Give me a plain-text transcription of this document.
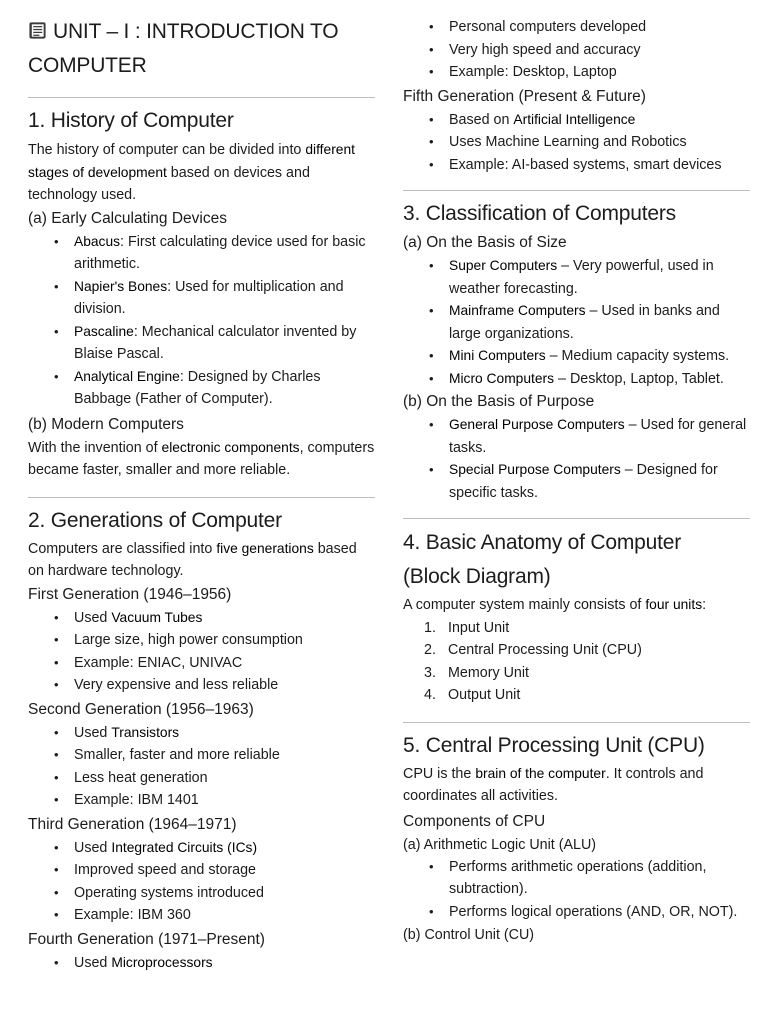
UNIT – I : INTRODUCTION TO COMPUTER
1. History of Computer

The history of computer can be divided into different stages of development based on devices and technology used.

(a) Early Calculating Devices
• Abacus: First calculating device used for basic arithmetic.
• Napier's Bones: Used for multiplication and division.
• Pascaline: Mechanical calculator invented by Blaise Pascal.
• Analytical Engine: Designed by Charles Babbage (Father of Computer).
(b) Modern Computers

With the invention of electronic components, computers became faster, smaller and more reliable.

2. Generations of Computer

Computers are classified into five generations based on hardware technology.

First Generation (1946–1956)
• Used Vacuum Tubes
• Large size, high power consumption
• Example: ENIAC, UNIVAC
• Very expensive and less reliable
Second Generation (1956–1963)
• Used Transistors
• Smaller, faster and more reliable
• Less heat generation
• Example: IBM 1401
Third Generation (1964–1971)
• Used Integrated Circuits (ICs)
• Improved speed and storage
• Operating systems introduced
• Example: IBM 360
Fourth Generation (1971–Present)
• Used Microprocessors
• Personal computers developed
• Very high speed and accuracy
• Example: Desktop, Laptop
Fifth Generation (Present & Future)
• Based on Artificial Intelligence
• Uses Machine Learning and Robotics
• Example: AI-based systems, smart devices
3. Classification of Computers
(a) On the Basis of Size
• Super Computers – Very powerful, used in weather forecasting.
• Mainframe Computers – Used in banks and large organizations.
• Mini Computers – Medium capacity systems.
• Micro Computers – Desktop, Laptop, Tablet.
(b) On the Basis of Purpose
• General Purpose Computers – Used for general tasks.
• Special Purpose Computers – Designed for specific tasks.
4. Basic Anatomy of Computer
(Block Diagram)

A computer system mainly consists of four units:

1. Input Unit
2. Central Processing Unit (CPU)
3. Memory Unit
4. Output Unit
5. Central Processing Unit (CPU)

CPU is the brain of the computer. It controls and coordinates all activities.

Components of CPU
(a) Arithmetic Logic Unit (ALU)
• Performs arithmetic operations (addition, subtraction).
• Performs logical operations (AND, OR, NOT).
(b) Control Unit (CU)
